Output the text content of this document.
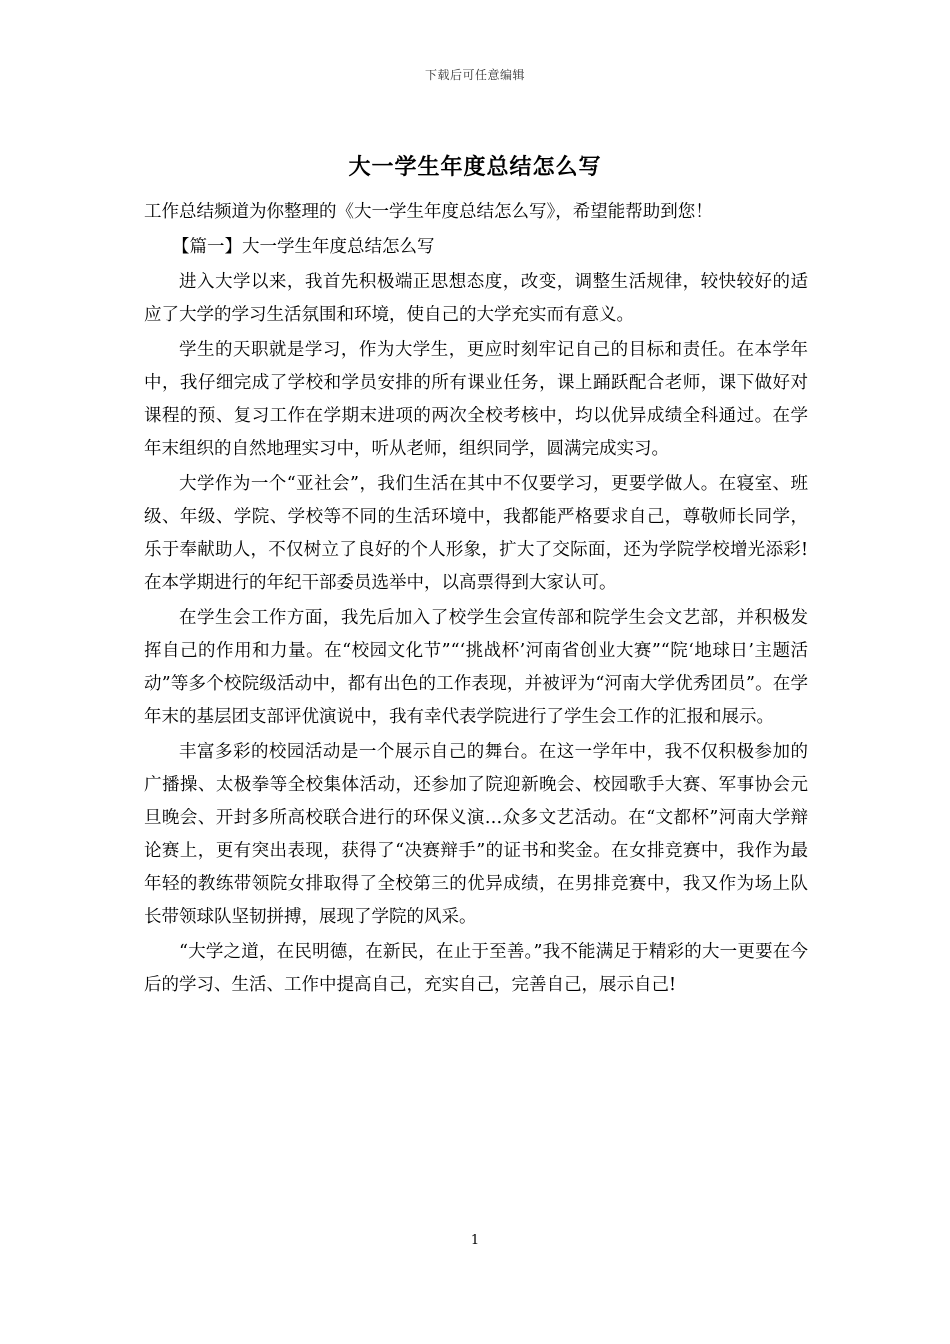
下载后可任意编辑
大一学生年度总结怎么写

工作总结频道为你整理的《大一学生年度总结怎么写》，希望能帮助到您！

【篇一】大一学生年度总结怎么写

进入大学以来，我首先积极端正思想态度，改变，调整生活规律，较快较好的适应了大学的学习生活氛围和环境，使自己的大学充实而有意义。

学生的天职就是学习，作为大学生，更应时刻牢记自己的目标和责任。在本学年中，我仔细完成了学校和学员安排的所有课业任务，课上踊跃配合老师，课下做好对课程的预、复习工作在学期末进项的两次全校考核中，均以优异成绩全科通过。在学年末组织的自然地理实习中，听从老师，组织同学，圆满完成实习。

大学作为一个“亚社会”，我们生活在其中不仅要学习，更要学做人。在寝室、班级、年级、学院、学校等不同的生活环境中，我都能严格要求自己，尊敬师长同学，乐于奉献助人，不仅树立了良好的个人形象，扩大了交际面，还为学院学校增光添彩!在本学期进行的年纪干部委员选举中，以高票得到大家认可。

在学生会工作方面，我先后加入了校学生会宣传部和院学生会文艺部，并积极发挥自己的作用和力量。在“校园文化节”“‘挑战杯’河南省创业大赛”“院‘地球日’主题活动”等多个校院级活动中，都有出色的工作表现，并被评为“河南大学优秀团员”。在学年末的基层团支部评优演说中，我有幸代表学院进行了学生会工作的汇报和展示。

丰富多彩的校园活动是一个展示自己的舞台。在这一学年中，我不仅积极参加的广播操、太极拳等全校集体活动，还参加了院迎新晚会、校园歌手大赛、军事协会元旦晚会、开封多所高校联合进行的环保义演…众多文艺活动。在“文都杯”河南大学辩论赛上，更有突出表现，获得了“决赛辩手”的证书和奖金。在女排竞赛中，我作为最年轻的教练带领院女排取得了全校第三的优异成绩，在男排竞赛中，我又作为场上队长带领球队坚韧拼搏，展现了学院的风采。

“大学之道，在民明德，在新民，在止于至善。”我不能满足于精彩的大一更要在今后的学习、生活、工作中提高自己，充实自己，完善自己，展示自己!

1
